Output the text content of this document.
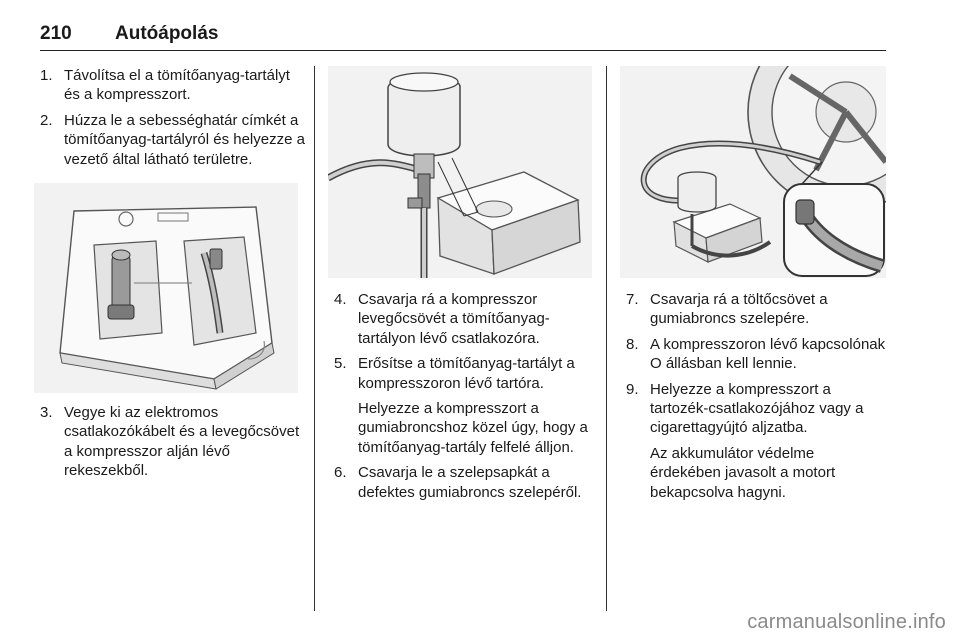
210 Autóápolás
1. Távolítsa el a tömítőanyag-tartályt és a kompresszort.
2. Húzza le a sebességhatár címkét a tömítőanyag-tartályról és helyezze a vezető által látható területre.
3. Vegye ki az elektromos csatlakozókábelt és a levegőcsövet a kompresszor alján lévő rekeszekből.
4. Csavarja rá a kompresszor levegőcsövét a tömítőanyag-tartályon lévő csatlakozóra.
5. Erősítse a tömítőanyag-tartályt a kompresszoron lévő tartóra.
Helyezze a kompresszort a gumiabroncshoz közel úgy, hogy a tömítőanyag-tartály felfelé álljon.
6. Csavarja le a szelepsapkát a defektes gumiabroncs szelepéről.
7. Csavarja rá a töltőcsövet a gumiabroncs szelepére.
8. A kompresszoron lévő kapcsolónak O állásban kell lennie.
9. Helyezze a kompresszort a tartozék-csatlakozójához vagy a cigarettagyújtó aljzatba.
Az akkumulátor védelme érdekében javasolt a motort bekapcsolva hagyni.
carmanualsonline.info
